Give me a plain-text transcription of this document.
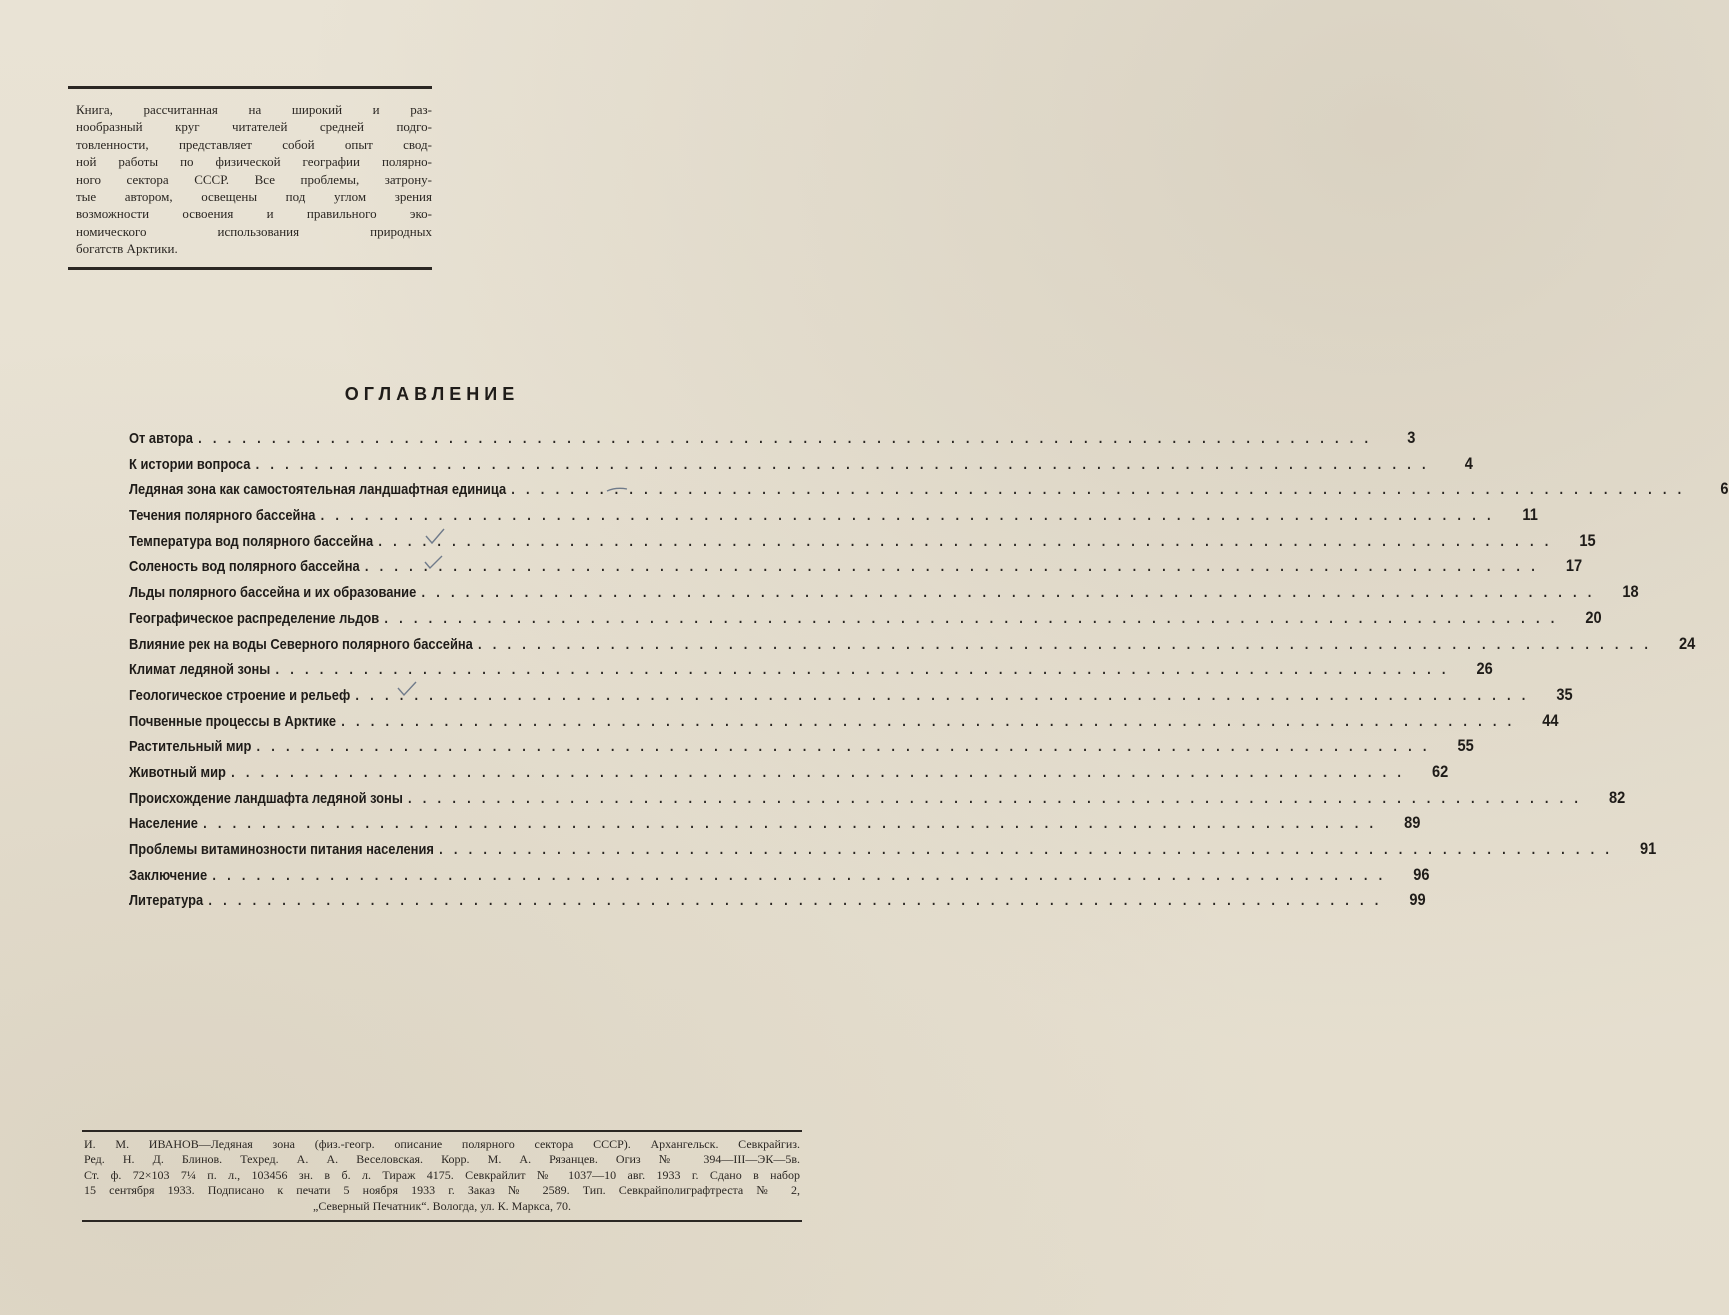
Книга, рассчитанная на широкий и раз-
нообразный круг читателей средней подго-
товленности, представляет собой опыт свод-
ной работы по физической географии полярно-
ного сектора СССР. Все проблемы, затрону-
тые автором, освещены под углом зрения
возможности освоения и правильного эко-
номического использования природных
богатств Арктики.

ОГЛАВЛЕНИЕ
От автора ................................................................................	3
К истории вопроса ................................................................................	4
Ледяная зона как самостоятельная ландшафтная единица ................................................................................	6
Течения полярного бассейна ................................................................................	11
Температура вод полярного бассейна ................................................................................	15
Соленость вод полярного бассейна ................................................................................	17
Льды полярного бассейна и их образование ................................................................................	18
Географическое распределение льдов ................................................................................	20
Влияние рек на воды Северного полярного бассейна ................................................................................	24
Климат ледяной зоны ................................................................................	26
Геологическое строение и рельеф ................................................................................	35
Почвенные процессы в Арктике ................................................................................	44
Растительный мир ................................................................................	55
Животный мир ................................................................................	62
Происхождение ландшафта ледяной зоны ................................................................................	82
Население ................................................................................	89
Проблемы витаминозности питания населения ................................................................................	91
Заключение ................................................................................	96
Литература ................................................................................	99

И. М. ИВАНОВ—Ледяная зона (физ.-геогр. описание полярного сектора СССР). Архангельск. Севкрайгиз.
Ред. Н. Д. Блинов. Техред. А. А. Веселовская. Корр. М. А. Рязанцев. Огиз № 394—III—ЭК—5в.
Ст. ф. 72×103 7¼ п. л., 103456 зн. в б. л. Тираж 4175. Севкрайлит № 1037—10 авг. 1933 г. Сдано в набор
15 сентября 1933. Подписано к печати 5 ноября 1933 г. Заказ № 2589. Тип. Севкрайполиграфтреста № 2,
„Северный Печатник“. Вологда, ул. К. Маркса, 70.
